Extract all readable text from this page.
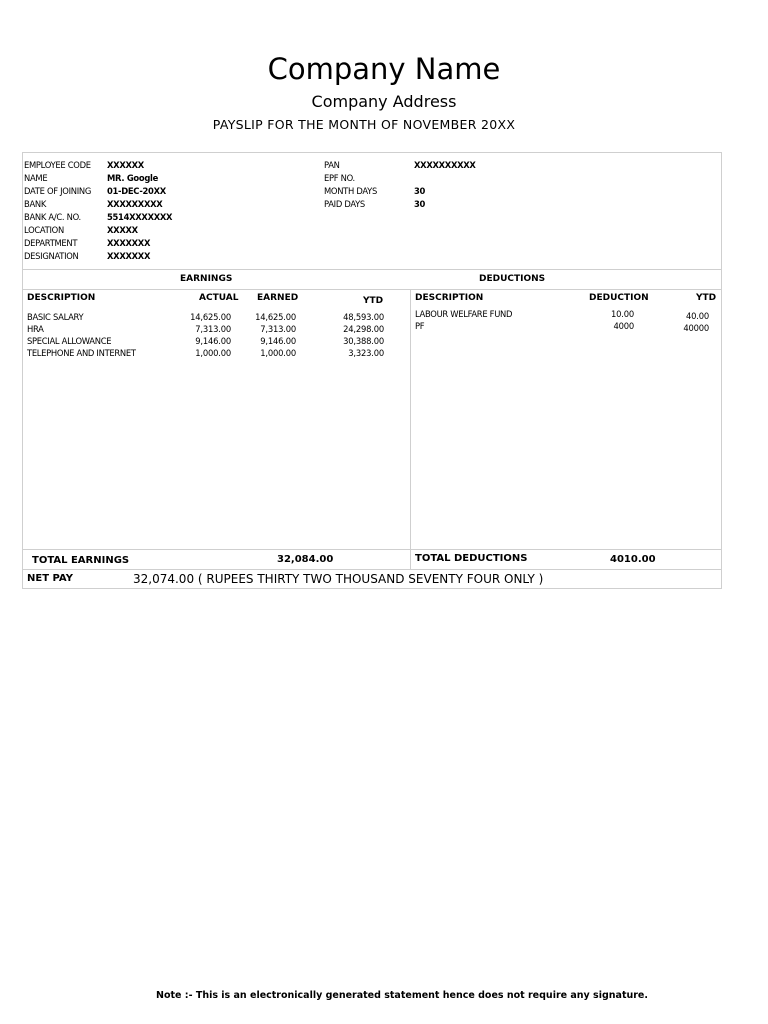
Company Name
Company Address
PAYSLIP FOR THE MONTH OF NOVEMBER 20XX
EMPLOYEE CODE XXXXXX
NAME	MR. Google
DATE OF JOINING 01-DEC-20XX
BANK	XXXXXXXXX
BANK A/C. NO.	5514XXXXXXX
LOCATION	XXXXX
DEPARTMENT	XXXXXXX
DESIGNATION	XXXXXXX
PAN	XXXXXXXXXX
EPF NO.
MONTH DAYS	30
PAID DAYS	30
EARNINGS	DEDUCTIONS
DESCRIPTION	ACTUAL EARNED	YTD
BASIC SALARY	14,625.00	14,625.00	48,593.00
HRA	7,313.00	7,313.00	24,298.00
SPECIAL ALLOWANCE	9,146.00	9,146.00	30,388.00
TELEPHONE AND INTERNET	1,000.00	1,000.00	3,323.00
DESCRIPTION	DEDUCTION	YTD
LABOUR WELFARE FUND	10.00	40.00
PF	4000	40000
TOTAL EARNINGS	32,084.00	TOTAL DEDUCTIONS	4010.00
NET PAY	32,074.00 ( RUPEES THIRTY TWO THOUSAND SEVENTY FOUR ONLY )
Note :- This is an electronically generated statement hence does not require any signature.
